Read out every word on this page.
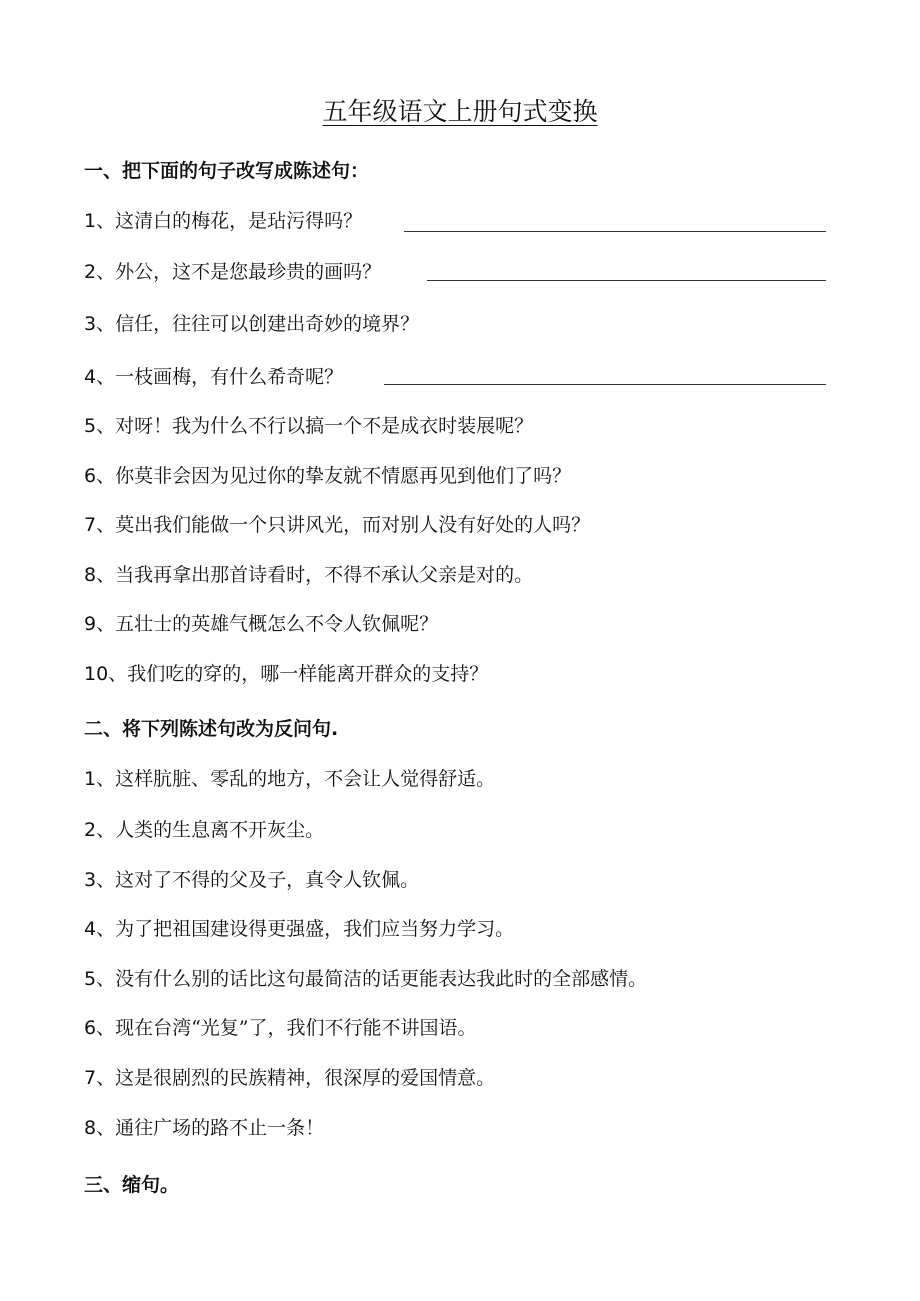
五年级语文上册句式变换
一、把下面的句子改写成陈述句：
1、这清白的梅花，是玷污得吗？
2、外公，这不是您最珍贵的画吗？
3、信任，往往可以创建出奇妙的境界？
4、一枝画梅，有什么希奇呢？
5、对呀！我为什么不行以搞一个不是成衣时装展呢？
6、你莫非会因为见过你的挚友就不情愿再见到他们了吗？
7、莫出我们能做一个只讲风光，而对别人没有好处的人吗？
8、当我再拿出那首诗看时，不得不承认父亲是对的。
9、五壮士的英雄气概怎么不令人钦佩呢？
10、我们吃的穿的，哪一样能离开群众的支持？
二、将下列陈述句改为反问句.
1、这样肮脏、零乱的地方，不会让人觉得舒适。
2、人类的生息离不开灰尘。
3、这对了不得的父及子，真令人钦佩。
4、为了把祖国建设得更强盛，我们应当努力学习。
5、没有什么别的话比这句最简洁的话更能表达我此时的全部感情。
6、现在台湾“光复”了，我们不行能不讲国语。
7、这是很剧烈的民族精神，很深厚的爱国情意。
8、通往广场的路不止一条！
三、缩句。
